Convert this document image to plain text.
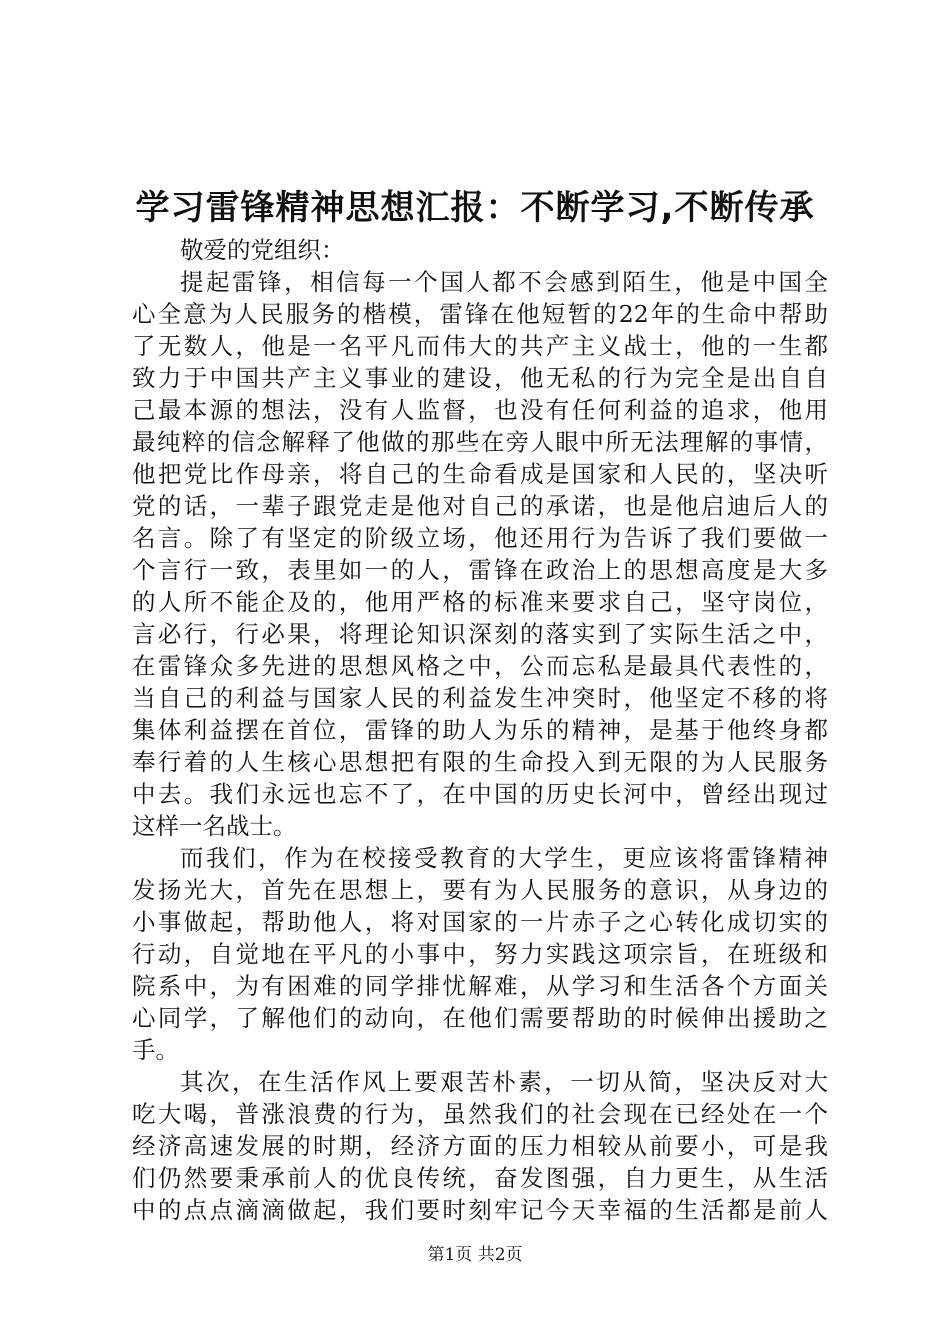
学习雷锋精神思想汇报：不断学习,不断传承
敬爱的党组织：
提起雷锋，相信每一个国人都不会感到陌生，他是中国全
心全意为人民服务的楷模，雷锋在他短暂的22年的生命中帮助
了无数人，他是一名平凡而伟大的共产主义战士，他的一生都
致力于中国共产主义事业的建设，他无私的行为完全是出自自
己最本源的想法，没有人监督，也没有任何利益的追求，他用
最纯粹的信念解释了他做的那些在旁人眼中所无法理解的事情，
他把党比作母亲，将自己的生命看成是国家和人民的，坚决听
党的话，一辈子跟党走是他对自己的承诺，也是他启迪后人的
名言。除了有坚定的阶级立场，他还用行为告诉了我们要做一
个言行一致，表里如一的人，雷锋在政治上的思想高度是大多
的人所不能企及的，他用严格的标准来要求自己，坚守岗位，
言必行，行必果，将理论知识深刻的落实到了实际生活之中，
在雷锋众多先进的思想风格之中，公而忘私是最具代表性的，
当自己的利益与国家人民的利益发生冲突时，他坚定不移的将
集体利益摆在首位，雷锋的助人为乐的精神，是基于他终身都
奉行着的人生核心思想把有限的生命投入到无限的为人民服务
中去。我们永远也忘不了，在中国的历史长河中，曾经出现过
这样一名战士。
而我们，作为在校接受教育的大学生，更应该将雷锋精神
发扬光大，首先在思想上，要有为人民服务的意识，从身边的
小事做起，帮助他人，将对国家的一片赤子之心转化成切实的
行动，自觉地在平凡的小事中，努力实践这项宗旨，在班级和
院系中，为有困难的同学排忧解难，从学习和生活各个方面关
心同学，了解他们的动向，在他们需要帮助的时候伸出援助之
手。
其次，在生活作风上要艰苦朴素，一切从简，坚决反对大
吃大喝，普涨浪费的行为，虽然我们的社会现在已经处在一个
经济高速发展的时期，经济方面的压力相较从前要小，可是我
们仍然要秉承前人的优良传统，奋发图强，自力更生，从生活
中的点点滴滴做起，我们要时刻牢记今天幸福的生活都是前人
第1页 共2页
